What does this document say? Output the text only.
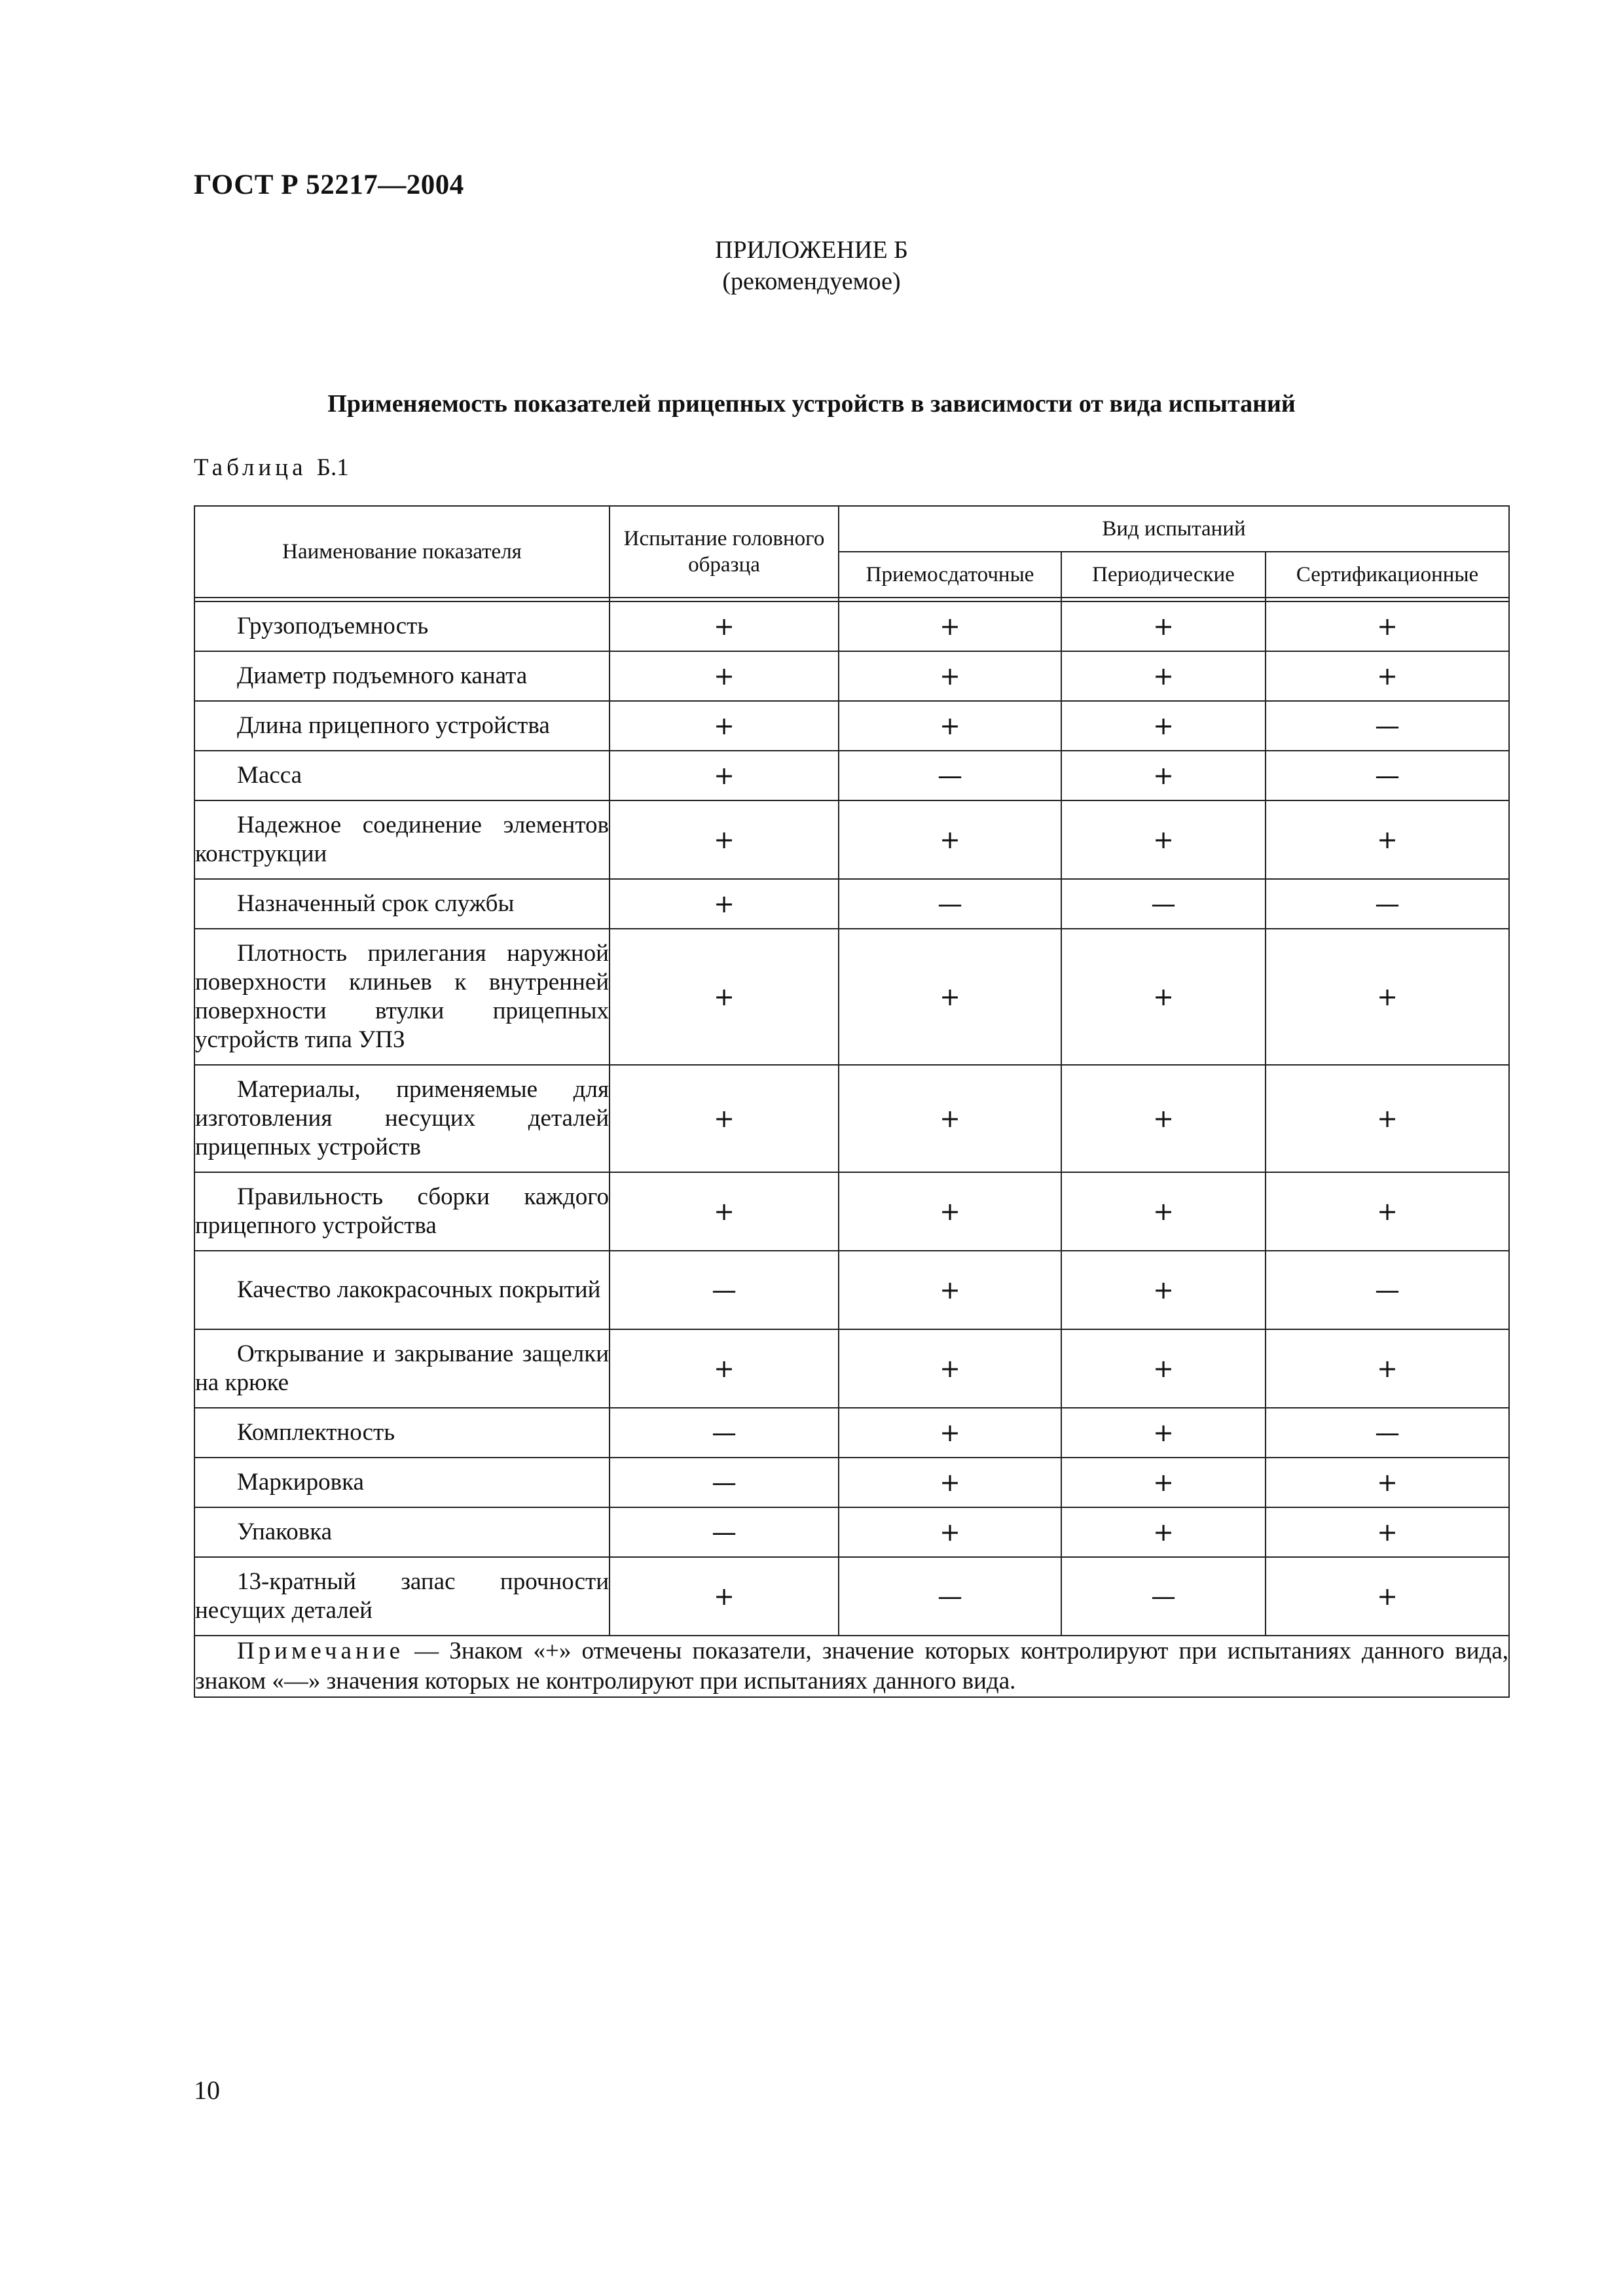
ГОСТ Р 52217—2004
ПРИЛОЖЕНИЕ Б
(рекомендуемое)
Применяемость показателей прицепных устройств в зависимости от вида испытаний
Таблица Б.1
Наименование показателя	Испытание головного образца	Вид испытаний		
		Приемосдаточные	Периодические	Сертификационные

Грузоподъемность	+	+	+	+
Диаметр подъемного каната	+	+	+	+
Длина прицепного устройства	+	+	+	—
Масса	+	—	+	—
Надежное соединение элементов конструкции	+	+	+	+
Назначенный срок службы	+	—	—	—
Плотность прилегания наружной поверхности клиньев к внутренней поверхности втулки прицепных устройств типа УПЗ	+	+	+	+
Материалы, применяемые для изготовления несущих деталей прицепных устройств	+	+	+	+
Правильность сборки каждого прицепного устройства	+	+	+	+
Качество лакокрасочных покрытий	—	+	+	—
Открывание и закрывание защелки на крюке	+	+	+	+
Комплектность	—	+	+	—
Маркировка	—	+	+	+
Упаковка	—	+	+	+
13-кратный запас прочности несущих деталей	+	—	—	+
Примечание — Знаком «+» отмечены показатели, значение которых контролируют при испытаниях данного вида, знаком «—» значения которых не контролируют при испытаниях данного вида.				
10
